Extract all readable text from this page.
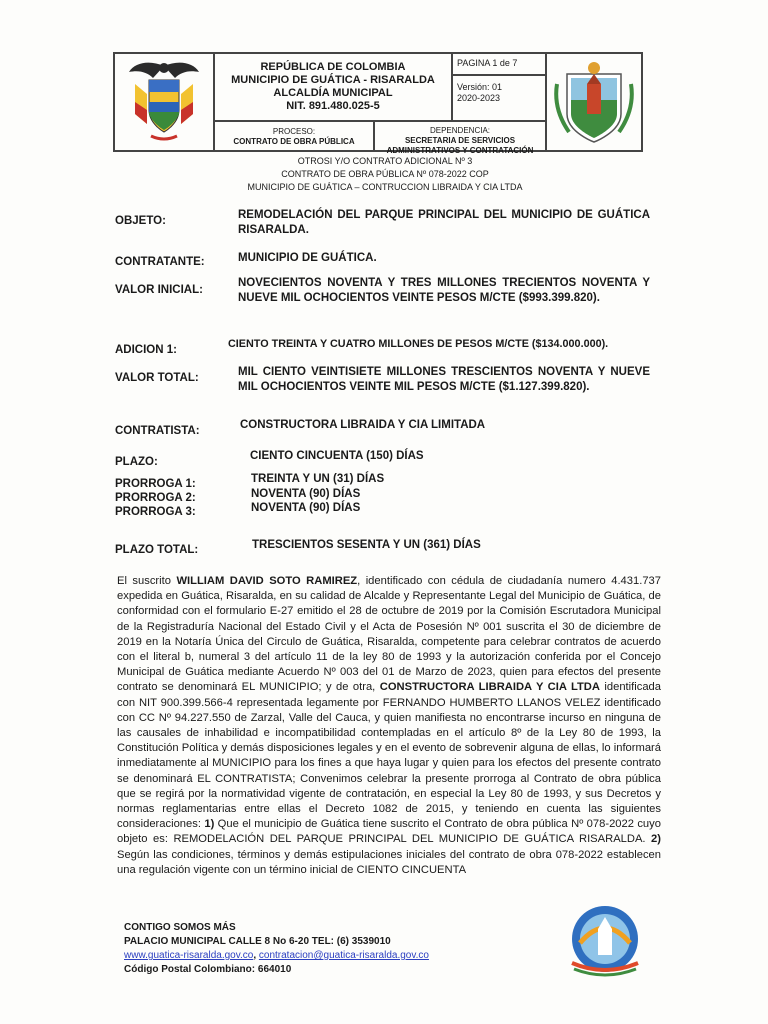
REPÚBLICA DE COLOMBIA
MUNICIPIO DE GUÁTICA - RISARALDA
ALCALDÍA MUNICIPAL
NIT. 891.480.025-5
PAGINA 1 de 7
Versión: 01
2020-2023
PROCESO:
CONTRATO DE OBRA PÚBLICA
DEPENDENCIA:
SECRETARIA DE SERVICIOS
ADMINISTRATIVOS Y CONTRATACIÓN
OTROSI Y/O CONTRATO ADICIONAL Nº 3
CONTRATO DE OBRA PÚBLICA Nº 078-2022 COP
MUNICIPIO DE GUÁTICA – CONTRUCCION LIBRAIDA Y CIA LTDA
OBJETO:	REMODELACIÓN DEL PARQUE PRINCIPAL DEL MUNICIPIO DE GUÁTICA RISARALDA.
CONTRATANTE:	MUNICIPIO DE GUÁTICA.
VALOR INICIAL:
NOVECIENTOS NOVENTA Y TRES MILLONES TRECIENTOS NOVENTA Y NUEVE MIL OCHOCIENTOS VEINTE PESOS M/CTE ($993.399.820).
ADICION 1:	CIENTO TREINTA Y CUATRO MILLONES DE PESOS M/CTE ($134.000.000).
VALOR TOTAL:	MIL CIENTO VEINTISIETE MILLONES TRESCIENTOS NOVENTA Y NUEVE MIL OCHOCIENTOS VEINTE MIL PESOS M/CTE ($1.127.399.820).
CONTRATISTA:	CONSTRUCTORA LIBRAIDA Y CIA LIMITADA
PLAZO:	CIENTO CINCUENTA (150) DÍAS
PRORROGA 1:	TREINTA Y UN (31) DÍAS
PRORROGA 2:	NOVENTA (90) DÍAS
PRORROGA 3:	NOVENTA (90) DÍAS
PLAZO TOTAL:	TRESCIENTOS SESENTA Y UN (361) DÍAS
El suscrito WILLIAM DAVID SOTO RAMIREZ, identificado con cédula de ciudadanía numero 4.431.737 expedida en Guática, Risaralda, en su calidad de Alcalde y Representante Legal del Municipio de Guática, de conformidad con el formulario E-27 emitido el 28 de octubre de 2019 por la Comisión Escrutadora Municipal de la Registraduría Nacional del Estado Civil y el Acta de Posesión Nº 001 suscrita el 30 de diciembre de 2019 en la Notaría Única del Circulo de Guática, Risaralda, competente para celebrar contratos de acuerdo con el literal b, numeral 3 del artículo 11 de la ley 80 de 1993 y la autorización conferida por el Concejo Municipal de Guática mediante Acuerdo Nº 003 del 01 de Marzo de 2023, quien para efectos del presente contrato se denominará EL MUNICIPIO; y de otra, CONSTRUCTORA LIBRAIDA Y CIA LTDA identificada con NIT 900.399.566-4 representada legamente por FERNANDO HUMBERTO LLANOS VELEZ identificado con CC Nº 94.227.550 de Zarzal, Valle del Cauca, y quien manifiesta no encontrarse incurso en ninguna de las causales de inhabilidad e incompatibilidad contempladas en el artículo 8º de la Ley 80 de 1993, la Constitución Política y demás disposiciones legales y en el evento de sobrevenir alguna de ellas, lo informará inmediatamente al MUNICIPIO para los fines a que haya lugar y quien para los efectos del presente contrato se denominará EL CONTRATISTA; Convenimos celebrar la presente prorroga al Contrato de obra pública que se regirá por la normatividad vigente de contratación, en especial la Ley 80 de 1993, y sus Decretos y normas reglamentarias entre ellas el Decreto 1082 de 2015, y teniendo en cuenta las siguientes consideraciones: 1) Que el municipio de Guática tiene suscrito el Contrato de obra pública Nº 078-2022 cuyo objeto es: REMODELACIÓN DEL PARQUE PRINCIPAL DEL MUNICIPIO DE GUÁTICA RISARALDA. 2) Según las condiciones, términos y demás estipulaciones iniciales del contrato de obra 078-2022 establecen una regulación vigente con un término inicial de CIENTO CINCUENTA
CONTIGO SOMOS MÁS
PALACIO MUNICIPAL CALLE 8 No 6-20 TEL: (6) 3539010
www.guatica-risaralda.gov.co, contratacion@guatica-risaralda.gov.co
Código Postal Colombiano: 664010
